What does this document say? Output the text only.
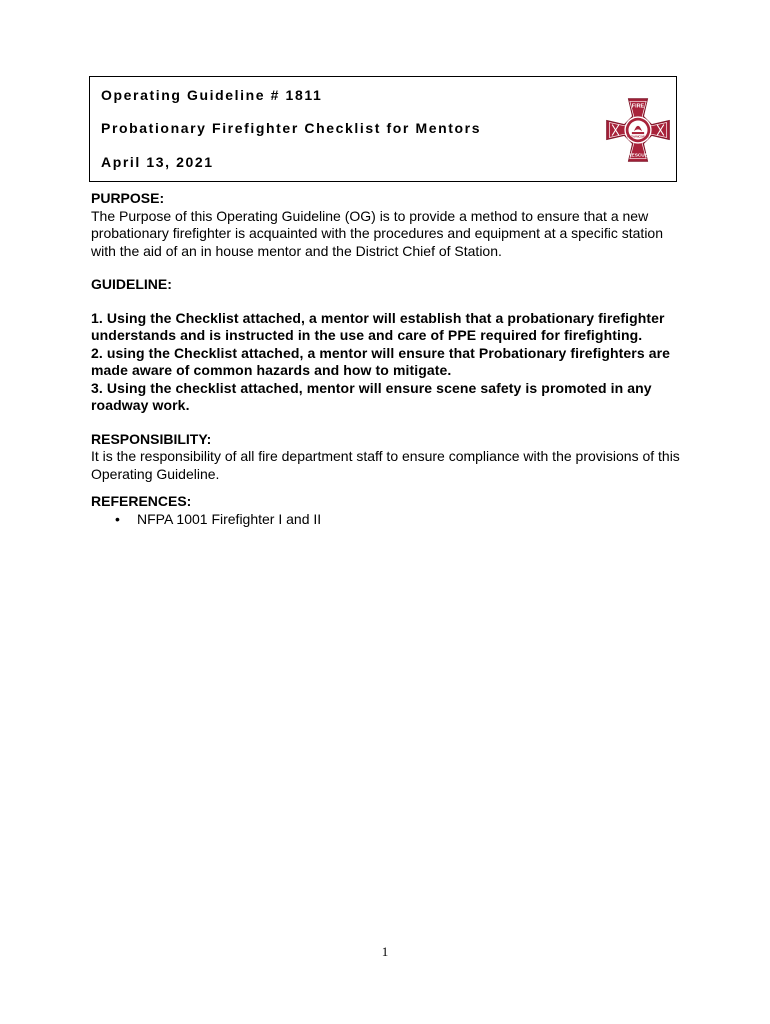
Operating Guideline # 1811
Probationary Firefighter Checklist for Mentors
April 13, 2021
FIRE
RESCUE
MECHANICSVILLE
PURPOSE:

The Purpose of this Operating Guideline (OG) is to provide a method to ensure that a new probationary firefighter is acquainted with the procedures and equipment at a specific station with the aid of an in house mentor and the District Chief of Station.

GUIDELINE:

1. Using the Checklist attached, a mentor will establish that a probationary firefighter understands and is instructed in the use and care of PPE required for firefighting.

2. using the Checklist attached, a mentor will ensure that Probationary firefighters are made aware of common hazards and how to mitigate.

3. Using the checklist attached, mentor will ensure scene safety is promoted in any roadway work.

RESPONSIBILITY:

It is the responsibility of all fire department staff to ensure compliance with the provisions of this Operating Guideline.

REFERENCES:
• NFPA 1001 Firefighter I and II
1
